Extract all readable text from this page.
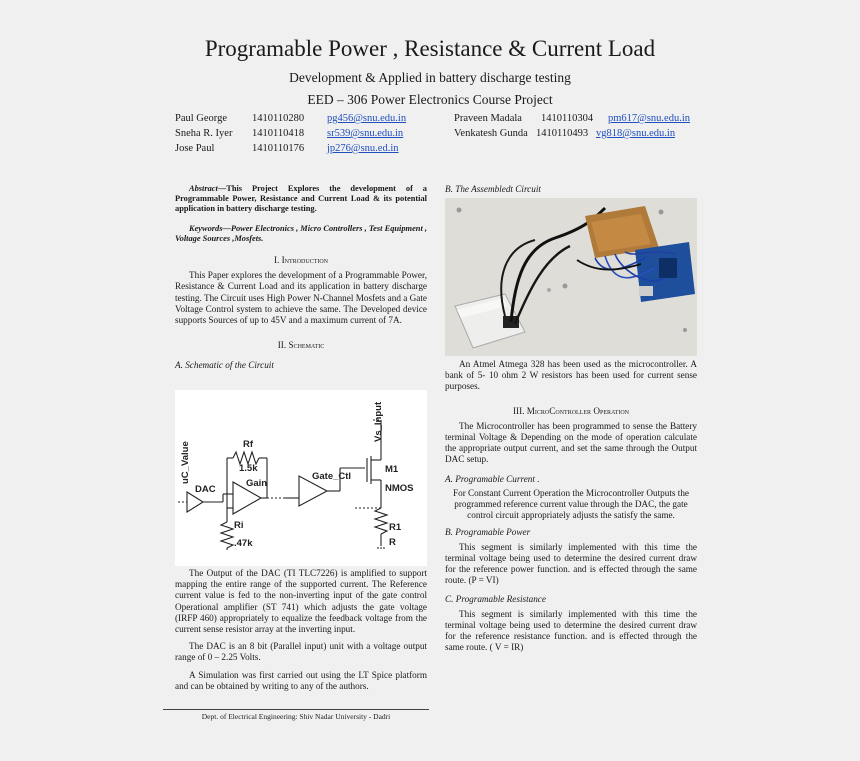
Programable Power , Resistance & Current Load
Development & Applied in battery discharge testing
EED – 306 Power Electronics Course Project
Paul George 1410110280 pg456@snu.edu.in
Sneha R. Iyer 1410110418 sr539@snu.edu.in
Jose Paul	1410110176 jp276@snu.ed.in
Praveen Madala 1410110304 pm617@snu.edu.in
Venkatesh Gunda 1410110493 vg818@snu.edu.in

Abstract—This Project Explores the development of a Programmable Power, Resistance and Current Load & its potential application in battery discharge testing.

Keywords—Power Electronics , Micro Controllers , Test Equipment , Voltage Sources ,Mosfets.

I. Introduction

This Paper explores the development of a Programmable Power, Resistance & Current Load and its application in battery discharge testing. The Circuit uses High Power N-Channel Mosfets and a Gate Voltage Control system to achieve the same. The Developed device supports Sources of up to 45V and a maximum current of 7A.

II. Schematic

A. Schematic of the Circuit

uC_Value
DAC
Rf
1.5k
Gain
Ri
.47k
Gate_Ctl
Vs_Input
M1
NMOS
R1
R

The Output of the DAC (TI TLC7226) is amplified to support mapping the entire range of the supported current. The Reference current value is fed to the non-inverting input of the gate control Operational amplifier (ST 741) which adjusts the gate voltage (IRFP 460) appropriately to equalize the feedback voltage from the current sense resistor array at the inverting input.

The DAC is an 8 bit (Parallel input) unit with a voltage output range of 0 – 2.25 Volts.

A Simulation was first carried out using the LT Spice platform and can be obtained by writing to any of the authors.

Dept. of Electrical Engineering: Shiv Nadar University - Dadri

B. The Assembledt Circuit

An Atmel Atmega 328 has been used as the microcontroller. A bank of 5- 10 ohm 2 W resistors has been used for current sense purposes.

III. MicroController Operation

The Microcontroller has been programmed to sense the Battery terminal Voltage & Depending on the mode of operation calculate the appropriate output current, and set the same through the Output DAC setup.

A. Programable Current .

For Constant Current Operation the Microcontroller Outputs the programmed reference current value through the DAC, the gate control circuit appropriately adjusts the satisfy the same.

B. Programable Power

This segment is similarly implemented with this time the terminal voltage being used to determine the desired current draw for the reference power function. and is effected through the same route. (P = VI)

C. Programable Resistance

This segment is similarly implemented with this time the terminal voltage being used to determine the desired current draw for the reference resistance function. and is effected through the same route. ( V = IR)
